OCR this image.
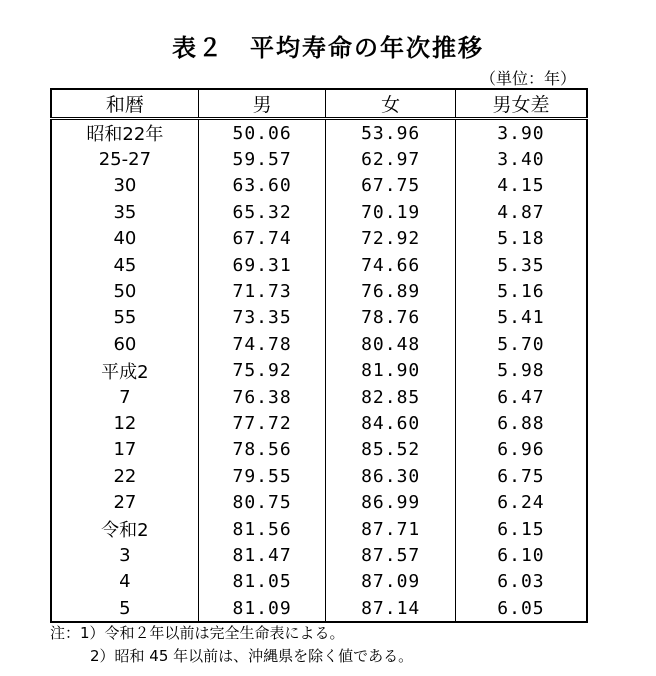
表２　平均寿命の年次推移
（単位：年）
和暦	男	女	男女差
昭和22年	50.06	53.96	3.90
25-27	59.57	62.97	3.40
30	63.60	67.75	4.15
35	65.32	70.19	4.87
40	67.74	72.92	5.18
45	69.31	74.66	5.35
50	71.73	76.89	5.16
55	73.35	78.76	5.41
60	74.78	80.48	5.70
平成2	75.92	81.90	5.98
7	76.38	82.85	6.47
12	77.72	84.60	6.88
17	78.56	85.52	6.96
22	79.55	86.30	6.75
27	80.75	86.99	6.24
令和2	81.56	87.71	6.15
3	81.47	87.57	6.10
4	81.05	87.09	6.03
5	81.09	87.14	6.05
注：1）令和２年以前は完全生命表による。
2）昭和 45 年以前は、沖縄県を除く値である。
